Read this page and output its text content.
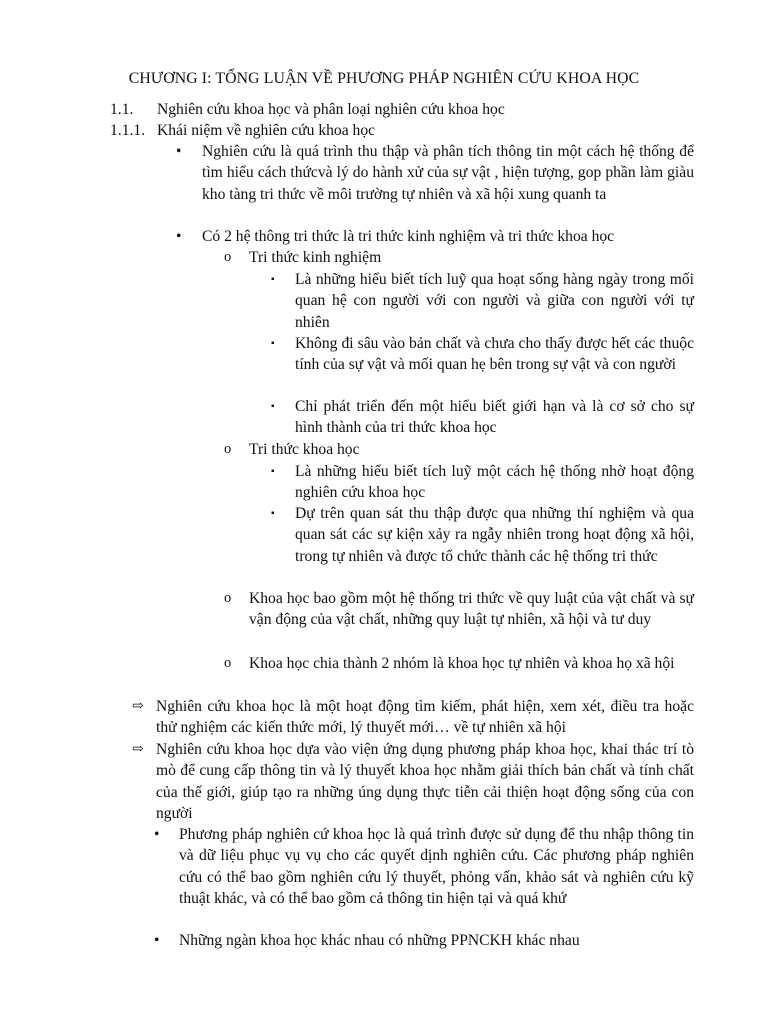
CHƯƠNG I: TỔNG LUẬN VỀ PHƯƠNG PHÁP NGHIÊN CỨU KHOA HỌC
1.1. Nghiên cứu khoa học và phân loại nghiên cứu khoa học
1.1.1. Khái niệm về nghiên cứu khoa học
• Nghiên cứu là quá trình thu thập và phân tích thông tin một cách hệ thống để tìm hiểu cách thứcvà lý do hành xử của sự vật , hiện tượng, gop phần làm giàu kho tàng tri thức về môi trường tự nhiên và xã hội xung quanh ta
• Có 2 hệ thông tri thức là tri thức kinh nghiệm và tri thức khoa học
o Tri thức kinh nghiệm
▪ Là những hiểu biết tích luỹ qua hoạt sống hàng ngày trong mối quan hệ con người với con người và giữa con người với tự nhiên
▪ Không đi sâu vào bản chất và chưa cho thấy được hết các thuộc tính của sự vật và mối quan hẹ bên trong sự vật và con người
▪ Chỉ phát triển đến một hiểu biết giới hạn và là cơ sở cho sự hình thành của tri thức khoa học
o Tri thức khoa học
▪ Là những hiểu biết tích luỹ một cách hệ thống nhờ hoạt động nghiên cứu khoa học
▪ Dự trên quan sát thu thập được qua những thí nghiệm và qua quan sát các sự kiện xảy ra ngẫy nhiên trong hoạt động xã hội, trong tự nhiên và được tổ chức thành các hệ thống tri thức
o Khoa học bao gồm một hệ thống tri thức về quy luật của vật chất và sự vận động của vật chất, những quy luật tự nhiên, xã hội và tư duy
o Khoa học chia thành 2 nhóm là khoa học tự nhiên và khoa họ xã hội
⇨ Nghiên cứu khoa học là một hoạt động tìm kiếm, phát hiện, xem xét, điều tra hoặc thử nghiệm các kiến thức mới, lý thuyết mới… về tự nhiên xã hội
⇨ Nghiên cứu khoa học dựa vào viện ứng dụng phương pháp khoa học, khai thác trí tò mò để cung cấp thông tin và lý thuyết khoa học nhằm giải thích bản chất và tính chất của thế giới, giúp tạo ra những úng dụng thực tiễn cải thiện hoạt động sống của con người
• Phương pháp nghiên cứ khoa học là quá trình được sử dụng để thu nhập thông tin và dữ liệu phục vụ vụ cho các quyết dịnh nghiên cứu. Các phương pháp nghiên cứu có thể bao gồm nghiên cứu lý thuyết, phỏng vấn, khảo sát và nghiên cứu kỹ thuật khác, và có thể bao gồm cả thông tin hiện tại và quá khứ
• Những ngàn khoa học khác nhau có những PPNCKH khác nhau
